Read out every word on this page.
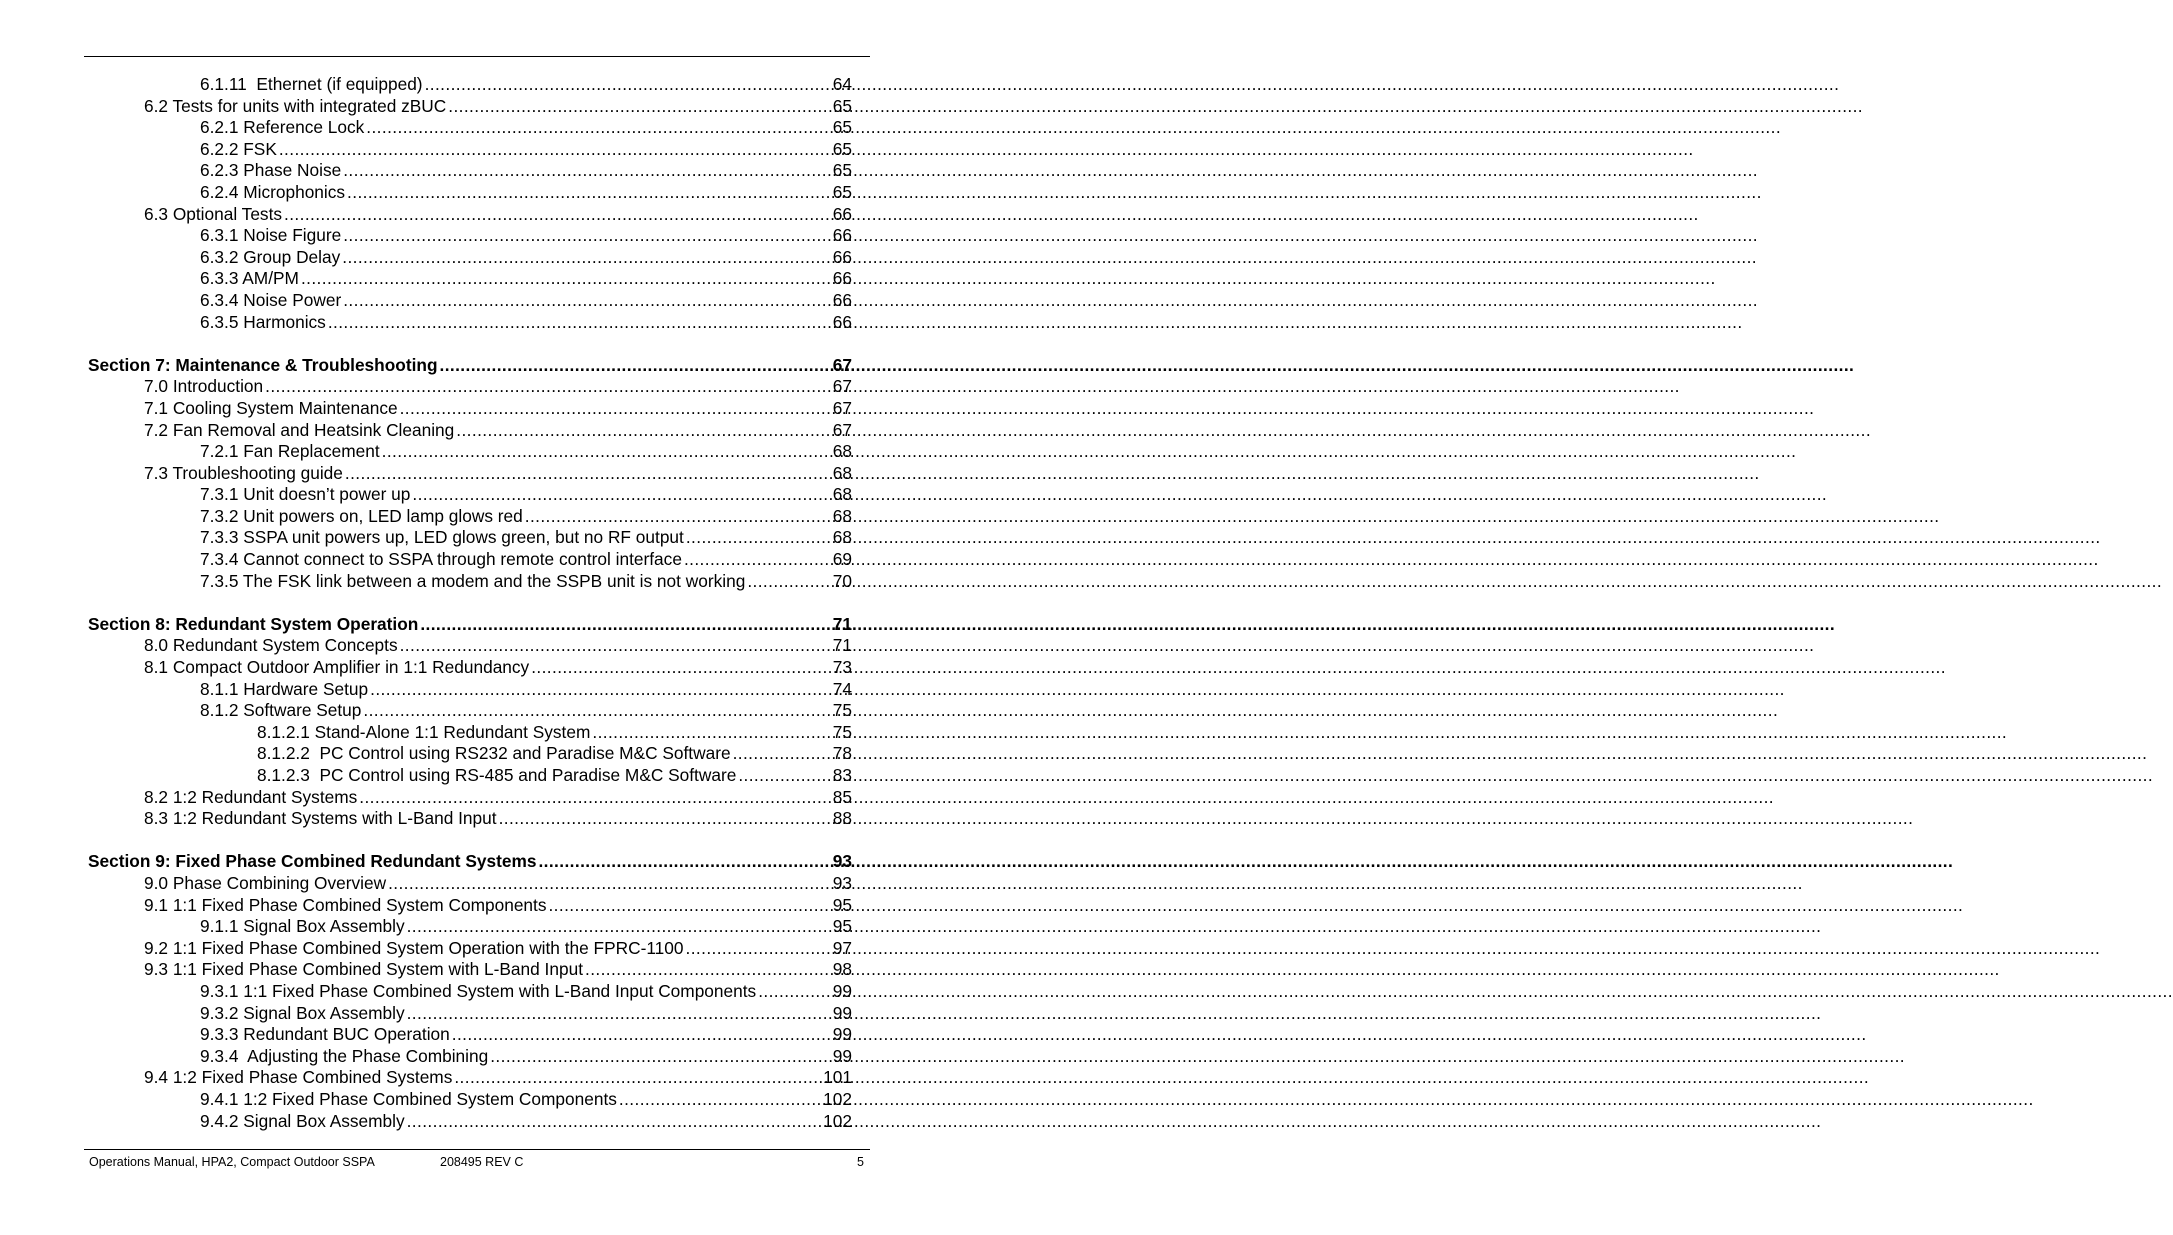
6.1.11  Ethernet (if equipped) .....	64
6.2 Tests for units with integrated zBUC .....	65
6.2.1 Reference Lock .....	65
6.2.2 FSK .....	65
6.2.3 Phase Noise .....	65
6.2.4 Microphonics .....	65
6.3 Optional Tests .....	66
6.3.1 Noise Figure .....	66
6.3.2 Group Delay .....	66
6.3.3 AM/PM .....	66
6.3.4 Noise Power .....	66
6.3.5 Harmonics .....	66
Section 7: Maintenance & Troubleshooting .....	67
7.0 Introduction .....	67
7.1 Cooling System Maintenance .....	67
7.2 Fan Removal and Heatsink Cleaning .....	67
7.2.1 Fan Replacement .....	68
7.3 Troubleshooting guide .....	68
7.3.1 Unit doesn’t power up .....	68
7.3.2 Unit powers on, LED lamp glows red .....	68
7.3.3 SSPA unit powers up, LED glows green, but no RF output .....	68
7.3.4 Cannot connect to SSPA through remote control interface .....	69
7.3.5 The FSK link between a modem and the SSPB unit is not working .....	70
Section 8: Redundant System Operation .....	71
8.0 Redundant System Concepts .....	71
8.1 Compact Outdoor Amplifier in 1:1 Redundancy .....	73
8.1.1 Hardware Setup .....	74
8.1.2 Software Setup .....	75
8.1.2.1 Stand-Alone 1:1 Redundant System .....	75
8.1.2.2  PC Control using RS232 and Paradise M&C Software .....	78
8.1.2.3  PC Control using RS-485 and Paradise M&C Software .....	83
8.2 1:2 Redundant Systems .....	85
8.3 1:2 Redundant Systems with L-Band Input .....	88
Section 9: Fixed Phase Combined Redundant Systems .....	93
9.0 Phase Combining Overview .....	93
9.1 1:1 Fixed Phase Combined System Components .....	95
9.1.1 Signal Box Assembly .....	95
9.2 1:1 Fixed Phase Combined System Operation with the FPRC-1100 .....	97
9.3 1:1 Fixed Phase Combined System with L-Band Input .....	98
9.3.1 1:1 Fixed Phase Combined System with L-Band Input Components .....	99
9.3.2 Signal Box Assembly .....	99
9.3.3 Redundant BUC Operation .....	99
9.3.4  Adjusting the Phase Combining .....	99
9.4 1:2 Fixed Phase Combined Systems .....	101
9.4.1 1:2 Fixed Phase Combined System Components .....	102
9.4.2 Signal Box Assembly .....	102
Operations Manual, HPA2, Compact Outdoor SSPA	208495 REV C	5
